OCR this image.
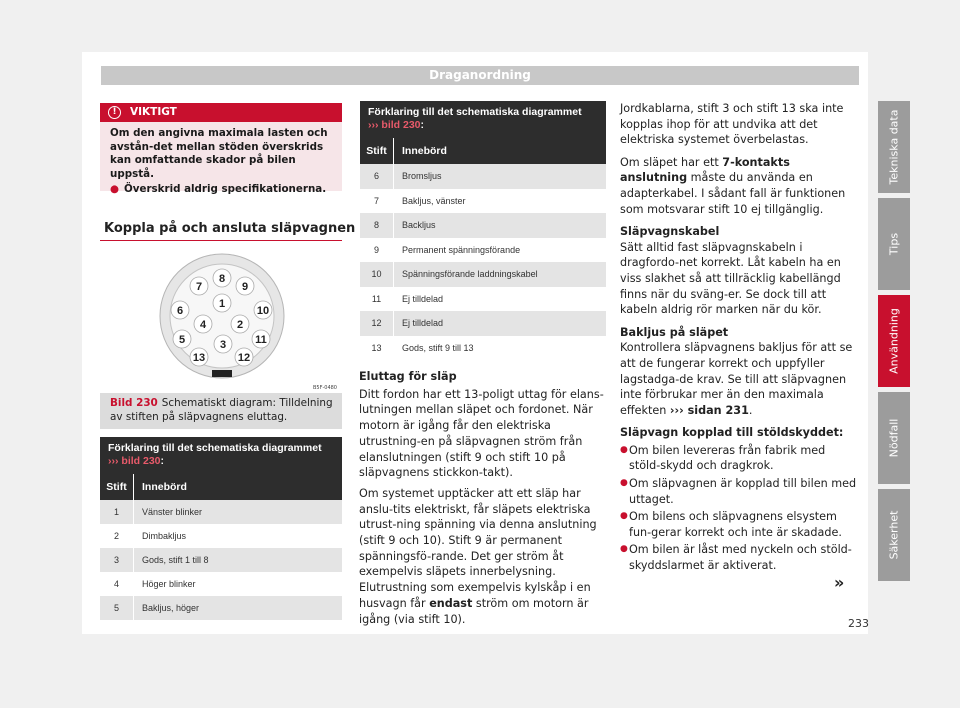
Draganordning
!	VIKTIGT
Om den angivna maximala lasten och avstån-det mellan stöden överskrids kan omfattande skador på bilen uppstå.
● Överskrid aldrig specifikationerna.
Koppla på och ansluta släpvagnen
1
2
3
4
5
6
7
8
9
10
11
12
13
B5F-0480
Bild 230 Schematiskt diagram: Tilldelning av stiften på släpvagnens eluttag.
Förklaring till det schematiska diagrammet
››› bild 230:
Stift	Innebörd
1	Vänster blinker
2	Dimbakljus
3	Gods, stift 1 till 8
4	Höger blinker
5	Bakljus, höger
Förklaring till det schematiska diagrammet
››› bild 230:
Stift	Innebörd
6	Bromsljus
7	Bakljus, vänster
8	Backljus
9	Permanent spänningsförande
10	Spänningsförande laddningskabel
11	Ej tilldelad
12	Ej tilldelad
13	Gods, stift 9 till 13

Eluttag för släp

Ditt fordon har ett 13-poligt uttag för elans-lutningen mellan släpet och fordonet. När motorn är igång får den elektriska utrustning-en på släpvagnen ström från elanslutningen (stift 9 och stift 10 på släpvagnens stickkon-takt).

Om systemet upptäcker att ett släp har anslu-tits elektriskt, får släpets elektriska utrust-ning spänning via denna anslutning (stift 9 och 10). Stift 9 är permanent spänningsfö-rande. Det ger ström åt exempelvis släpets innerbelysning. Elutrustning som exempelvis kylskåp i en husvagn får endast ström om motorn är igång (via stift 10).

Jordkablarna, stift 3 och stift 13 ska inte kopplas ihop för att undvika att det elektriska systemet överbelastas.

Om släpet har ett 7-kontakts anslutning måste du använda en adapterkabel. I sådant fall är funktionen som motsvarar stift 10 ej tillgänglig.

Släpvagnskabel

Sätt alltid fast släpvagnskabeln i dragfordo-net korrekt. Låt kabeln ha en viss slakhet så att tillräcklig kabellängd finns när du sväng-er. Se dock till att kabeln aldrig rör marken när du kör.

Bakljus på släpet

Kontrollera släpvagnens bakljus för att se att de fungerar korrekt och uppfyller lagstadga-de krav. Se till att släpvagnen inte förbrukar mer än den maximala effekten ››› sidan 231.

Släpvagn kopplad till stöldskyddet:

● Om bilen levereras från fabrik med stöld-skydd och dragkrok.
● Om släpvagnen är kopplad till bilen med uttaget.
● Om bilens och släpvagnens elsystem fun-gerar korrekt och inte är skadade.
● Om bilen är låst med nyckeln och stöld-skyddslarmet är aktiverat.
»
233
Tekniska data
Tips
Användning
Nödfall
Säkerhet
